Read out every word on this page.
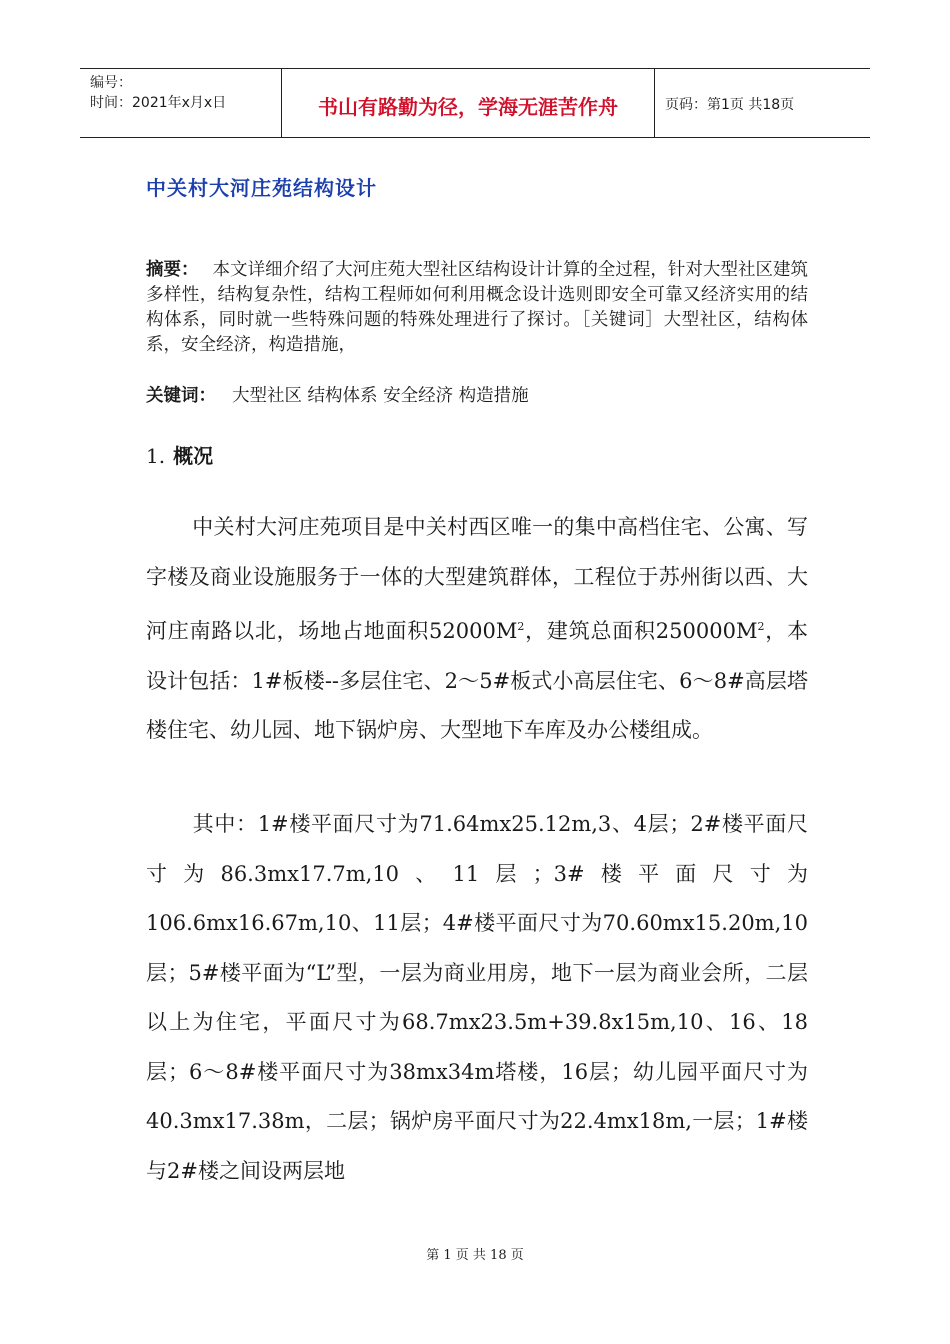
编号：
时间：2021年x月x日	书山有路勤为径，学海无涯苦作舟	页码：第1页 共18页
中关村大河庄苑结构设计
摘要： 本文详细介绍了大河庄苑大型社区结构设计计算的全过程，针对大型社区建筑多样性，结构复杂性，结构工程师如何利用概念设计选则即安全可靠又经济实用的结构体系，同时就一些特殊问题的特殊处理进行了探讨。［关键词］大型社区，结构体系，安全经济，构造措施，
关键词： 大型社区 结构体系 安全经济 构造措施
1. 概况
中关村大河庄苑项目是中关村西区唯一的集中高档住宅、公寓、写字楼及商业设施服务于一体的大型建筑群体，工程位于苏州街以西、大河庄南路以北，场地占地面积$52000M^2$，建筑总面积$250000M^2$，本设计包括：1#板楼--多层住宅、2～5#板式小高层住宅、6～8#高层塔楼住宅、幼儿园、地下锅炉房、大型地下车库及办公楼组成。
其中：1#楼平面尺寸为71.64mx25.12m,3、4层；2#楼平面尺寸为86.3mx17.7m,10、11层；3#楼平面尺寸为106.6mx16.67m,10、11层；4#楼平面尺寸为70.60mx15.20m,10层；5#楼平面为“L”型，一层为商业用房，地下一层为商业会所，二层以上为住宅，平面尺寸为68.7mx23.5m+39.8x15m,10、16、18层；6～8#楼平面尺寸为38mx34m塔楼，16层；幼儿园平面尺寸为40.3mx17.38m，二层；锅炉房平面尺寸为22.4mx18m,一层；1#楼与2#楼之间设两层地
第 1 页 共 18 页
